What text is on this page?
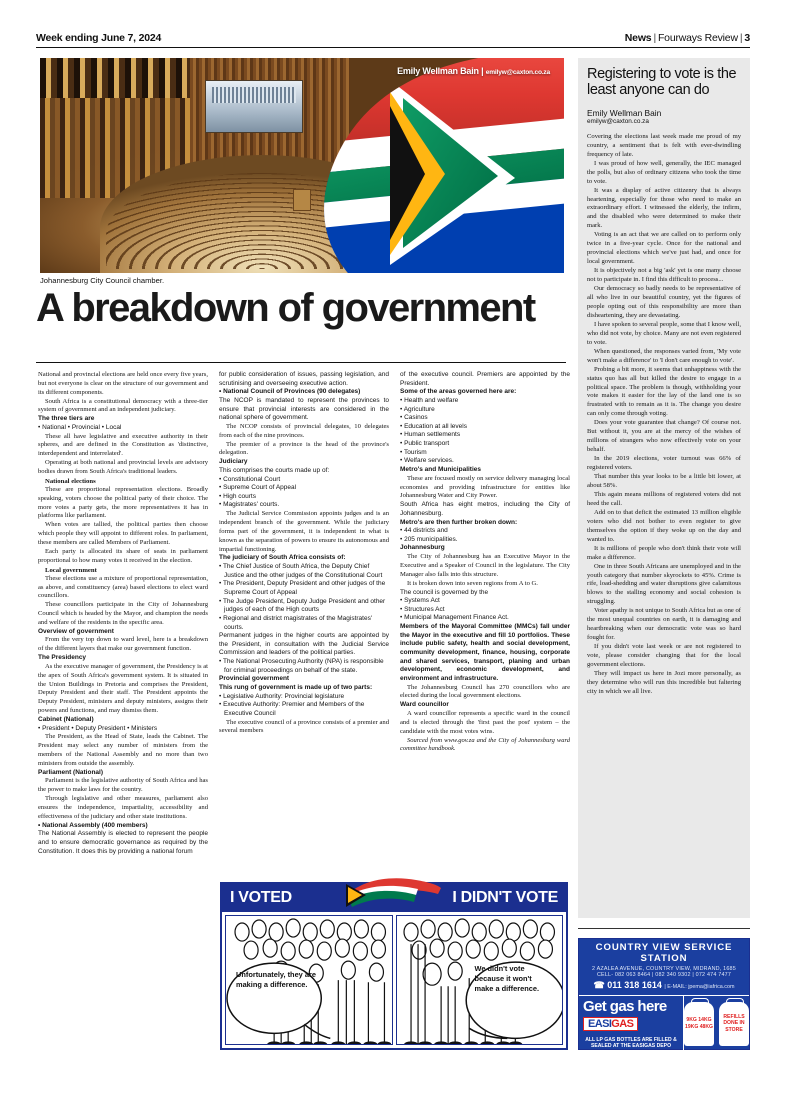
Week ending June 7, 2024	News | Fourways Review | 3
Emily Wellman Bain | emilyw@caxton.co.za
Johannesburg City Council chamber.
A breakdown of government

National and provincial elections are held once every five years, but not everyone is clear on the structure of our government and its different components.

South Africa is a constitutional democracy with a three-tier system of government and an independent judiciary.

The three tiers are

• National • Provincial • Local

These all have legislative and executive authority in their spheres, and are defined in the Constitution as 'distinctive, interdependent and interrelated'.

Operating at both national and provincial levels are advisory bodies drawn from South Africa's traditional leaders.

National elections

These are proportional representation elections. Broadly speaking, voters choose the political party of their choice. The more votes a party gets, the more representatives it has in platforms like parliament.

When votes are tallied, the political parties then choose which people they will appoint to different roles. In parliament, these members are called Members of Parliament.

Each party is allocated its share of seats in parliament proportional to how many votes it received in the election.

Local government

These elections use a mixture of proportional representation, as above, and constituency (area) based elections to elect ward councillors.

These councillors participate in the City of Johannesburg Council which is headed by the Mayor, and champion the needs and welfare of the residents in the specific area.

Overview of government

From the very top down to ward level, here is a breakdown of the different layers that make our government function.

The Presidency

As the executive manager of government, the Presidency is at the apex of South Africa's government system. It is situated in the Union Buildings in Pretoria and comprises the President, Deputy President and their staff. The President appoints the Deputy President, ministers and deputy ministers, assigns their powers and functions, and may dismiss them.

Cabinet (National)

• President • Deputy President • Ministers

The President, as the Head of State, leads the Cabinet. The President may select any number of ministers from the members of the National Assembly and no more than two ministers from outside the assembly.

Parliament (National)

Parliament is the legislative authority of South Africa and has the power to make laws for the country.

Through legislative and other measures, parliament also ensures the independence, impartiality, accessibility and effectiveness of the judiciary and other state institutions.

• National Assembly (400 members)

The National Assembly is elected to represent the people and to ensure democratic governance as required by the Constitution. It does this by providing a national forum

for public consideration of issues, passing legislation, and scrutinising and overseeing executive action.

• National Council of Provinces (90 delegates)

The NCOP is mandated to represent the provinces to ensure that provincial interests are considered in the national sphere of government.

The NCOP consists of provincial delegates, 10 delegates from each of the nine provinces.

The premier of a province is the head of the province's delegation.

Judiciary

This comprises the courts made up of:

• Constitutional Court

• Supreme Court of Appeal

• High courts

• Magistrates' courts.

The Judicial Service Commission appoints judges and is an independent branch of the government. While the judiciary forms part of the government, it is independent in what is known as the separation of powers to ensure its autonomous and impartial functioning.

The judiciary of South Africa consists of:

• The Chief Justice of South Africa, the Deputy Chief Justice and the other judges of the Constitutional Court

• The President, Deputy President and other judges of the Supreme Court of Appeal

• The Judge President, Deputy Judge President and other judges of each of the High courts

• Regional and district magistrates of the Magistrates' courts.

Permanent judges in the higher courts are appointed by the President, in consultation with the Judicial Service Commission and leaders of the political parties.

• The National Prosecuting Authority (NPA) is responsible for criminal proceedings on behalf of the state.

Provincial government

This rung of government is made up of two parts:

• Legislative Authority: Provincial legislature

• Executive Authority: Premier and Members of the Executive Council

The executive council of a province consists of a premier and several members

of the executive council. Premiers are appointed by the President.

Some of the areas governed here are:

• Health and welfare

• Agriculture

• Casinos

• Education at all levels

• Human settlements

• Public transport

• Tourism

• Welfare services.

Metro's and Municipalities

These are focused mostly on service delivery managing local economies and providing infrastructure for entities like Johannesburg Water and City Power.

South Africa has eight metros, including the City of Johannesburg.

Metro's are then further broken down:

• 44 districts and

• 205 municipalities.

Johannesburg

The City of Johannesburg has an Executive Mayor in the Executive and a Speaker of Council in the legislature. The City Manager also falls into this structure.

It is broken down into seven regions from A to G.

The council is governed by the

• Systems Act

• Structures Act

• Municipal Management Finance Act.

Members of the Mayoral Committee (MMCs) fall under the Mayor in the executive and fill 10 portfolios. These include public safety, health and social development, community development, finance, housing, corporate and shared services, transport, planing and urban development, economic development, and environment and infrastructure.

The Johannesburg Council has 270 councillors who are elected during the local government elections.

Ward councillor

A ward councillor represents a specific ward in the council and is elected through the 'first past the post' system – the candidate with the most votes wins.

Sourced from www.gov.za and the City of Johannesburg ward committee handbook.

I VOTED	I DIDN'T VOTE
Unfortunately, they are making a difference.
We didn't vote because it won't make a difference.
Registering to vote is the least anyone can do
Emily Wellman Bain
emilyw@caxton.co.za

Covering the elections last week made me proud of my country, a sentiment that is felt with ever-dwindling frequency of late.

I was proud of how well, generally, the IEC managed the polls, but also of ordinary citizens who took the time to vote.

It was a display of active citizenry that is always heartening, especially for those who need to make an extraordinary effort. I witnessed the elderly, the infirm, and the disabled who were determined to make their mark.

Voting is an act that we are called on to perform only twice in a five-year cycle. Once for the national and provincial elections which we've just had, and once for local government.

It is objectively not a big 'ask' yet is one many choose not to participate in. I find this difficult to process...

Our democracy so badly needs to be representative of all who live in our beautiful country, yet the figures of people opting out of this responsibility are more than disheartening, they are devastating.

I have spoken to several people, some that I know well, who did not vote, by choice. Many are not even registered to vote.

When questioned, the responses varied from, 'My vote won't make a difference' to 'I don't care enough to vote'.

Probing a bit more, it seems that unhappiness with the status quo has all but killed the desire to engage in a political space. The problem is though, withholding your vote makes it easier for the lay of the land one is so frustrated with to remain as it is. The change you desire can only come through voting.

Does your vote guarantee that change? Of course not. But without it, you are at the mercy of the wishes of millions of strangers who now effectively vote on your behalf.

In the 2019 elections, voter turnout was 66% of registered voters.

That number this year looks to be a little bit lower, at about 58%.

This again means millions of registered voters did not heed the call.

Add on to that deficit the estimated 13 million eligible voters who did not bother to even register to give themselves the option if they woke up on the day and wanted to.

It is millions of people who don't think their vote will make a difference.

One in three South Africans are unemployed and in the youth category that number skyrockets to 45%. Crime is rife, load-shedding and water disruptions give calamitous blows to the stalling economy and social cohesion is struggling.

Voter apathy is not unique to South Africa but as one of the most unequal countries on earth, it is damaging and heartbreaking when our democratic vote was so hard fought for.

If you didn't vote last week or are not registered to vote, please consider changing that for the local government elections.

They will impact us here in Jozi more personally, as they determine who will run this incredible but faltering city in which we all live.

COUNTRY VIEW SERVICE STATION
2 AZALEA AVENUE, COUNTRY VIEW, MIDRAND, 1685
CELL- 082 063 8464 | 082 340 9302 | 072 474 7477
☎ 011 318 1614 | E-MAIL: jpema@iafrica.com
Get gas here
EASIGAS
ALL LP GAS BOTTLES ARE FILLED & SEALED AT THE EASIGAS DEPO
9KG 14KG 19KG 48KG
REFILLS DONE IN STORE
LP GAS DEPOT
- REFILLS & DELIVERIES
